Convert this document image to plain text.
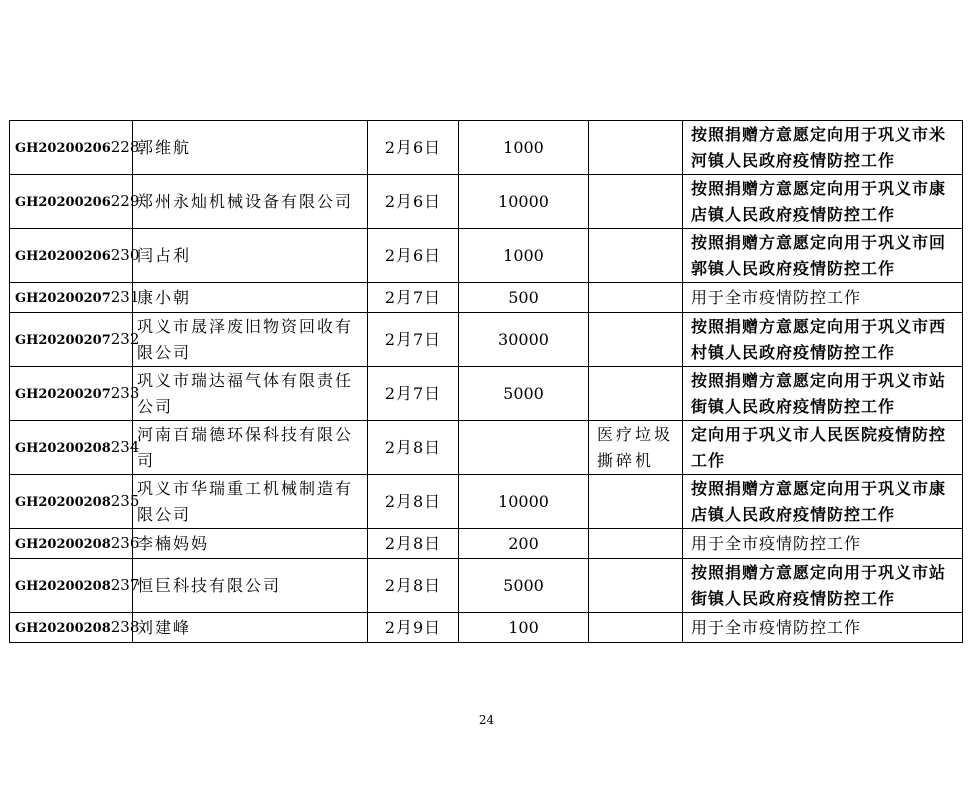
GH20200206228	郭维航	2月6日	1000		按照捐赠方意愿定向用于巩义市米河镇人民政府疫情防控工作
GH20200206229	郑州永灿机械设备有限公司	2月6日	10000		按照捐赠方意愿定向用于巩义市康店镇人民政府疫情防控工作
GH20200206230	闫占利	2月6日	1000		按照捐赠方意愿定向用于巩义市回郭镇人民政府疫情防控工作
GH20200207231	康小朝	2月7日	500		用于全市疫情防控工作
GH20200207232	巩义市晟泽废旧物资回收有限公司	2月7日	30000		按照捐赠方意愿定向用于巩义市西村镇人民政府疫情防控工作
GH20200207233	巩义市瑞达福气体有限责任公司	2月7日	5000		按照捐赠方意愿定向用于巩义市站街镇人民政府疫情防控工作
GH20200208234	河南百瑞德环保科技有限公司	2月8日		医疗垃圾撕碎机	定向用于巩义市人民医院疫情防控工作
GH20200208235	巩义市华瑞重工机械制造有限公司	2月8日	10000		按照捐赠方意愿定向用于巩义市康店镇人民政府疫情防控工作
GH20200208236	李楠妈妈	2月8日	200		用于全市疫情防控工作
GH20200208237	恒巨科技有限公司	2月8日	5000		按照捐赠方意愿定向用于巩义市站街镇人民政府疫情防控工作
GH20200208238	刘建峰	2月9日	100		用于全市疫情防控工作
24
